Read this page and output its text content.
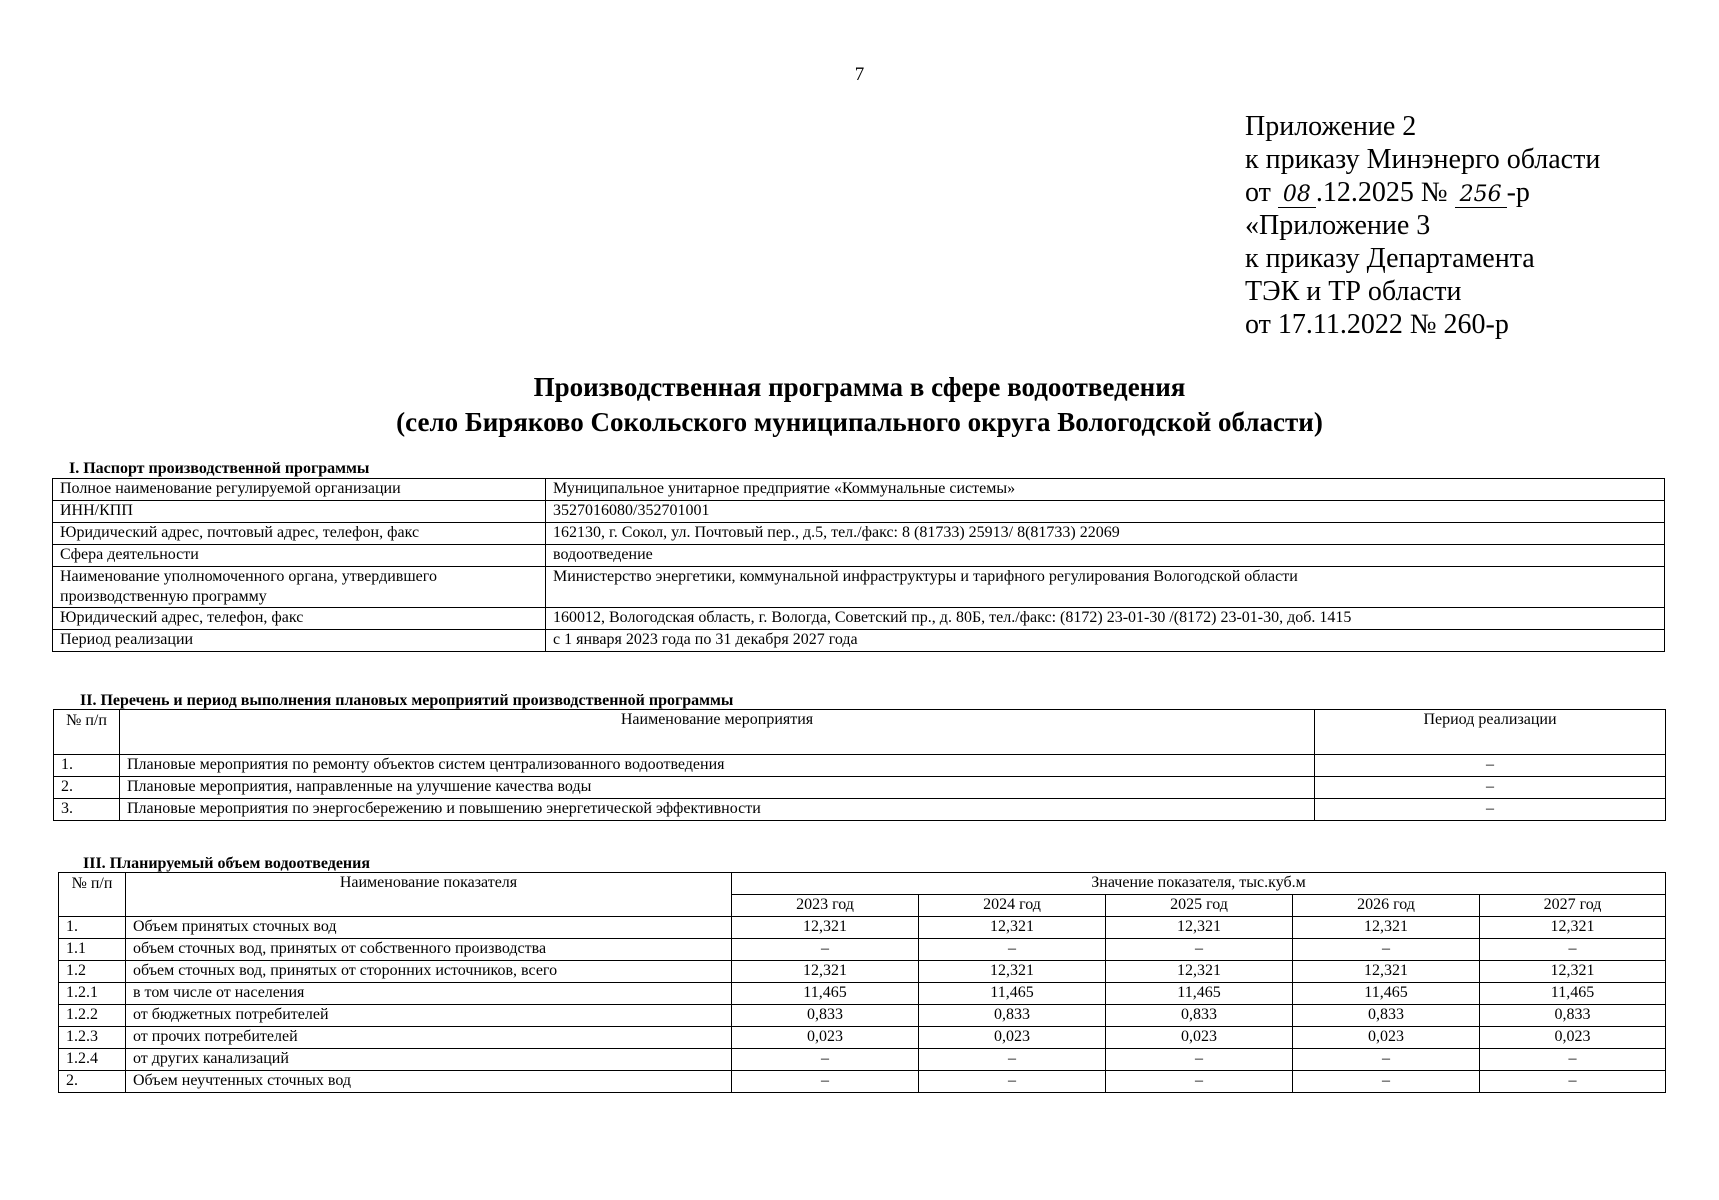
7
Приложение 2
к приказу Минэнерго области
от 08 .12.2025 № 256 -р
«Приложение 3
к приказу Департамента
ТЭК и ТР области
от 17.11.2022 № 260-р
Производственная программа в сфере водоотведения
(село Биряково Сокольского муниципального округа Вологодской области)
I. Паспорт производственной программы
Полное наименование регулируемой организации	Муниципальное унитарное предприятие «Коммунальные системы»
ИНН/КПП	3527016080/352701001
Юридический адрес, почтовый адрес, телефон, факс	162130, г. Сокол, ул. Почтовый пер., д.5, тел./факс: 8 (81733) 25913/ 8(81733) 22069
Сфера деятельности	водоотведение
Наименование уполномоченного органа, утвердившего производственную программу	Министерство энергетики, коммунальной инфраструктуры и тарифного регулирования Вологодской области
Юридический адрес, телефон, факс	160012, Вологодская область, г. Вологда, Советский пр., д. 80Б, тел./факс: (8172) 23-01-30 /(8172) 23-01-30, доб. 1415
Период реализации	с 1 января 2023 года по 31 декабря 2027 года
II. Перечень и период выполнения плановых мероприятий производственной программы
№ п/п	Наименование мероприятия	Период реализации
1.	Плановые мероприятия по ремонту объектов систем централизованного водоотведения	–
2.	Плановые мероприятия, направленные на улучшение качества воды	–
3.	Плановые мероприятия по энергосбережению и повышению энергетической эффективности	–
III. Планируемый объем водоотведения
№ п/п	Наименование показателя	Значение показателя, тыс.куб.м				
		2023 год	2024 год	2025 год	2026 год	2027 год
1.	Объем принятых сточных вод	12,321	12,321	12,321	12,321	12,321
1.1	объем сточных вод, принятых от собственного производства	–	–	–	–	–
1.2	объем сточных вод, принятых от сторонних источников, всего	12,321	12,321	12,321	12,321	12,321
1.2.1	в том числе от населения	11,465	11,465	11,465	11,465	11,465
1.2.2	от бюджетных потребителей	0,833	0,833	0,833	0,833	0,833
1.2.3	от прочих потребителей	0,023	0,023	0,023	0,023	0,023
1.2.4	от других канализаций	–	–	–	–	–
2.	Объем неучтенных сточных вод	–	–	–	–	–
